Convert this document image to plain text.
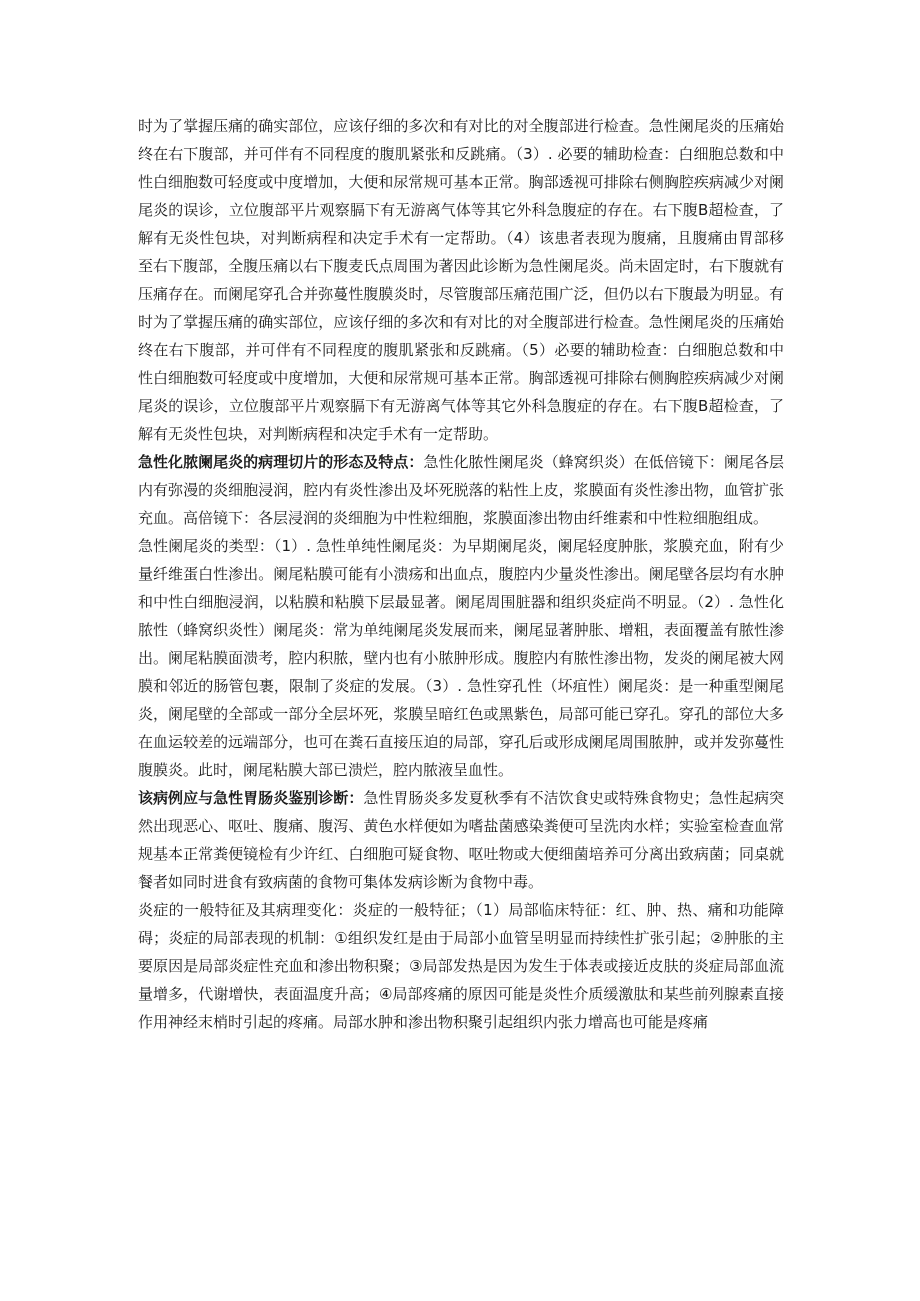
时为了掌握压痛的确实部位，应该仔细的多次和有对比的对全腹部进行检查。急性阑尾炎的压痛始终在右下腹部，并可伴有不同程度的腹肌紧张和反跳痛。（3）. 必要的辅助检查：白细胞总数和中性白细胞数可轻度或中度增加，大便和尿常规可基本正常。胸部透视可排除右侧胸腔疾病减少对阑尾炎的误诊，立位腹部平片观察膈下有无游离气体等其它外科急腹症的存在。右下腹B超检查，了解有无炎性包块，对判断病程和决定手术有一定帮助。（4）该患者表现为腹痛，且腹痛由胃部移至右下腹部，全腹压痛以右下腹麦氏点周围为著因此诊断为急性阑尾炎。尚未固定时，右下腹就有压痛存在。而阑尾穿孔合并弥蔓性腹膜炎时，尽管腹部压痛范围广泛，但仍以右下腹最为明显。有时为了掌握压痛的确实部位，应该仔细的多次和有对比的对全腹部进行检查。急性阑尾炎的压痛始终在右下腹部，并可伴有不同程度的腹肌紧张和反跳痛。（5）必要的辅助检查：白细胞总数和中性白细胞数可轻度或中度增加，大便和尿常规可基本正常。胸部透视可排除右侧胸腔疾病减少对阑尾炎的误诊，立位腹部平片观察膈下有无游离气体等其它外科急腹症的存在。右下腹B超检查，了解有无炎性包块，对判断病程和决定手术有一定帮助。

急性化脓阑尾炎的病理切片的形态及特点：急性化脓性阑尾炎（蜂窝织炎）在低倍镜下：阑尾各层内有弥漫的炎细胞浸润，腔内有炎性渗出及坏死脱落的粘性上皮，浆膜面有炎性渗出物，血管扩张充血。高倍镜下：各层浸润的炎细胞为中性粒细胞，浆膜面渗出物由纤维素和中性粒细胞组成。

急性阑尾炎的类型：（1）. 急性单纯性阑尾炎：为早期阑尾炎，阑尾轻度肿胀，浆膜充血，附有少量纤维蛋白性渗出。阑尾粘膜可能有小溃疡和出血点，腹腔内少量炎性渗出。阑尾壁各层均有水肿和中性白细胞浸润，以粘膜和粘膜下层最显著。阑尾周围脏器和组织炎症尚不明显。（2）. 急性化脓性（蜂窝织炎性）阑尾炎：常为单纯阑尾炎发展而来，阑尾显著肿胀、增粗，表面覆盖有脓性渗出。阑尾粘膜面溃考，腔内积脓，壁内也有小脓肿形成。腹腔内有脓性渗出物，发炎的阑尾被大网膜和邻近的肠管包裹，限制了炎症的发展。（3）. 急性穿孔性（坏疽性）阑尾炎：是一种重型阑尾炎，阑尾壁的全部或一部分全层坏死，浆膜呈暗红色或黑紫色，局部可能已穿孔。穿孔的部位大多在血运较差的远端部分，也可在粪石直接压迫的局部，穿孔后或形成阑尾周围脓肿，或并发弥蔓性腹膜炎。此时，阑尾粘膜大部已溃烂，腔内脓液呈血性。

该病例应与急性胃肠炎鉴别诊断：急性胃肠炎多发夏秋季有不洁饮食史或特殊食物史；急性起病突然出现恶心、呕吐、腹痛、腹泻、黄色水样便如为嗜盐菌感染粪便可呈洗肉水样；实验室检查血常规基本正常粪便镜检有少许红、白细胞可疑食物、呕吐物或大便细菌培养可分离出致病菌；同桌就餐者如同时进食有致病菌的食物可集体发病诊断为食物中毒。

炎症的一般特征及其病理变化：炎症的一般特征；（1）局部临床特征：红、肿、热、痛和功能障碍；炎症的局部表现的机制：①组织发红是由于局部小血管呈明显而持续性扩张引起；②肿胀的主要原因是局部炎症性充血和渗出物积聚；③局部发热是因为发生于体表或接近皮肤的炎症局部血流量增多，代谢增快，表面温度升高；④局部疼痛的原因可能是炎性介质缓激肽和某些前列腺素直接作用神经末梢时引起的疼痛。局部水肿和渗出物积聚引起组织内张力增高也可能是疼痛
